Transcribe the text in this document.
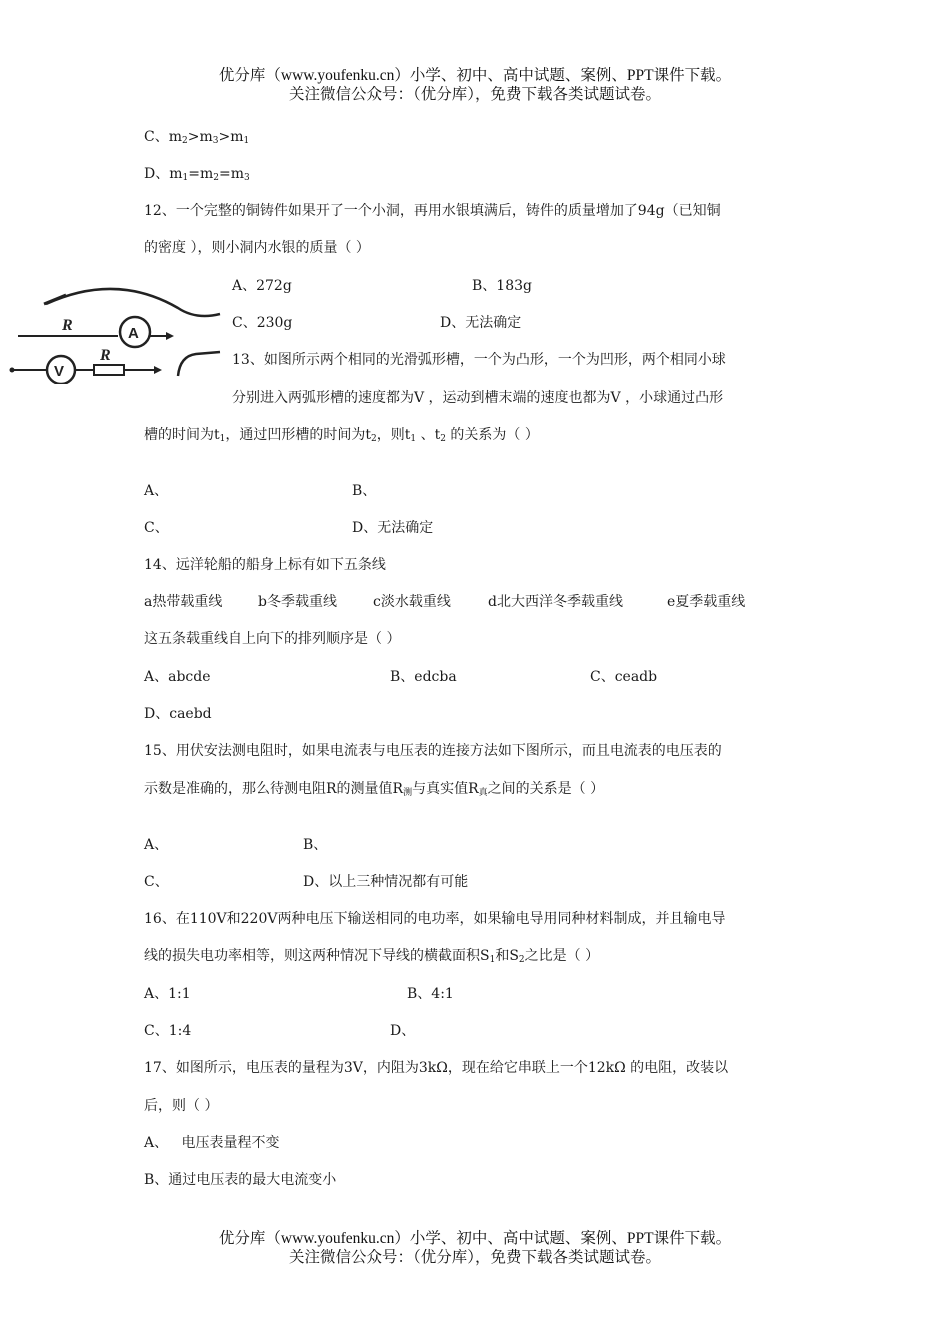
优分库（www.youfenku.cn）小学、初中、高中试题、案例、PPT课件下载。
关注微信公众号：（优分库），免费下载各类试题试卷。
C、$m_2>m_3>m_1$
D、$m_1=m_2=m_3$
12、一个完整的铜铸件如果开了一个小洞，再用水银填满后，铸件的质量增加了94g（已知铜
的密度 ），则小洞内水银的质量（ ）
A、272g	B、183g
C、230g	D、无法确定
R	A
V
R	13、如图所示两个相同的光滑弧形槽，一个为凸形，一个为凹形，两个相同小球
分别进入两弧形槽的速度都为V ，运动到槽末端的速度也都为V ，小球通过凸形
槽的时间为$t_1$，通过凹形槽的时间为$t_2$，则$t_1$ 、$t_2$ 的关系为（ ）
A、	B、
C、	D、无法确定
14、远洋轮船的船身上标有如下五条线
a热带载重线	b冬季载重线	c淡水载重线	d北大西洋冬季载重线	e夏季载重线
这五条载重线自上向下的排列顺序是（ ）
A、abcde	B、edcba	C、ceadb
D、caebd
15、用伏安法测电阻时，如果电流表与电压表的连接方法如下图所示，而且电流表的电压表的
示数是准确的，那么待测电阻R的测量值$R_测$与真实值$R_真$之间的关系是（ ）
A、	B、
C、	D、以上三种情况都有可能
16、在110V和220V两种电压下输送相同的电功率，如果输电导用同种材料制成，并且输电导
线的损失电功率相等，则这两种情况下导线的横截面积$S_1$和$S_2$之比是（ ）
A、1:1	B、4:1
C、1:4	D、
17、如图所示，电压表的量程为3V，内阻为3kΩ，现在给它串联上一个12kΩ 的电阻，改装以
后，则（ ）
A、   电压表量程不变
B、通过电压表的最大电流变小
优分库（www.youfenku.cn）小学、初中、高中试题、案例、PPT课件下载。
关注微信公众号：（优分库），免费下载各类试题试卷。
